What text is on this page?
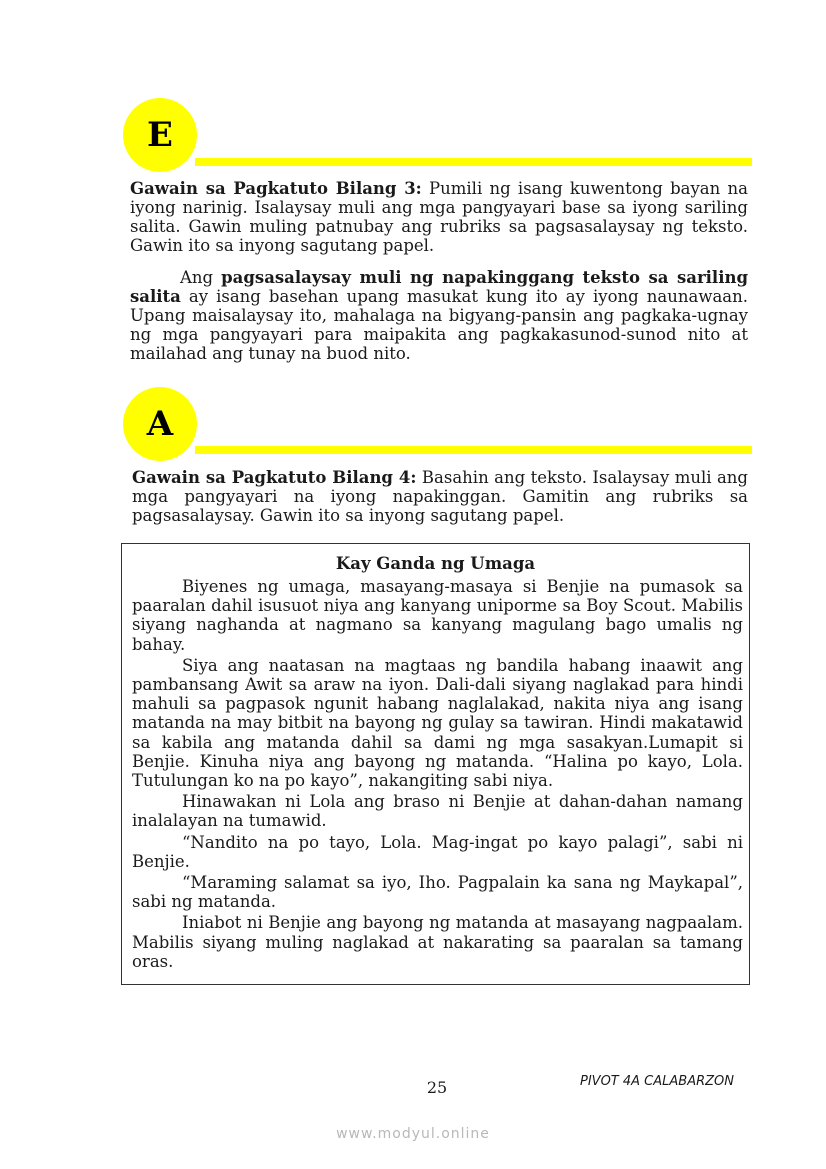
E
Gawain sa Pagkatuto Bilang 3: Pumili ng isang kuwentong bayan na iyong narinig. Isalaysay muli ang mga pangyayari base sa iyong sariling salita. Gawin muling patnubay ang rubriks sa pagsasalaysay ng teksto. Gawin ito sa inyong sagutang papel.
Ang pagsasalaysay muli ng napakinggang teksto sa sariling salita ay isang basehan upang masukat kung ito ay iyong naunawaan. Upang maisalaysay ito, mahalaga na bigyang-pansin ang pagkaka-ugnay ng mga pangyayari para maipakita ang pagkakasunod-sunod nito at mailahad ang tunay na buod nito.
A
Gawain sa Pagkatuto Bilang 4: Basahin ang teksto. Isalaysay muli ang mga pangyayari na iyong napakinggan. Gamitin ang rubriks sa pagsasalaysay. Gawin ito sa inyong sagutang papel.
Kay Ganda ng Umaga

Biyenes ng umaga, masayang-masaya si Benjie na pumasok sa paaralan dahil isusuot niya ang kanyang uniporme sa Boy Scout. Mabilis siyang naghanda at nagmano sa kanyang magulang bago umalis ng bahay.

Siya ang naatasan na magtaas ng bandila habang inaawit ang pambansang Awit sa araw na iyon. Dali-dali siyang naglakad para hindi mahuli sa pagpasok ngunit habang naglalakad, nakita niya ang isang matanda na may bitbit na bayong ng gulay sa tawiran. Hindi makatawid sa kabila ang matanda dahil sa dami ng mga sasakyan.Lumapit si Benjie. Kinuha niya ang bayong ng matanda. “Halina po kayo, Lola. Tutulungan ko na po kayo”, nakangiting sabi niya.

Hinawakan ni Lola ang braso ni Benjie at dahan-dahan namang inalalayan na tumawid.

“Nandito na po tayo, Lola. Mag-ingat po kayo palagi”, sabi ni Benjie.

“Maraming salamat sa iyo, Iho. Pagpalain ka sana ng Maykapal”, sabi ng matanda.

Iniabot ni Benjie ang bayong ng matanda at masayang nagpaalam. Mabilis siyang muling naglakad at nakarating sa paaralan sa tamang oras.

25	PIVOT 4A CALABARZON
www.modyul.online
